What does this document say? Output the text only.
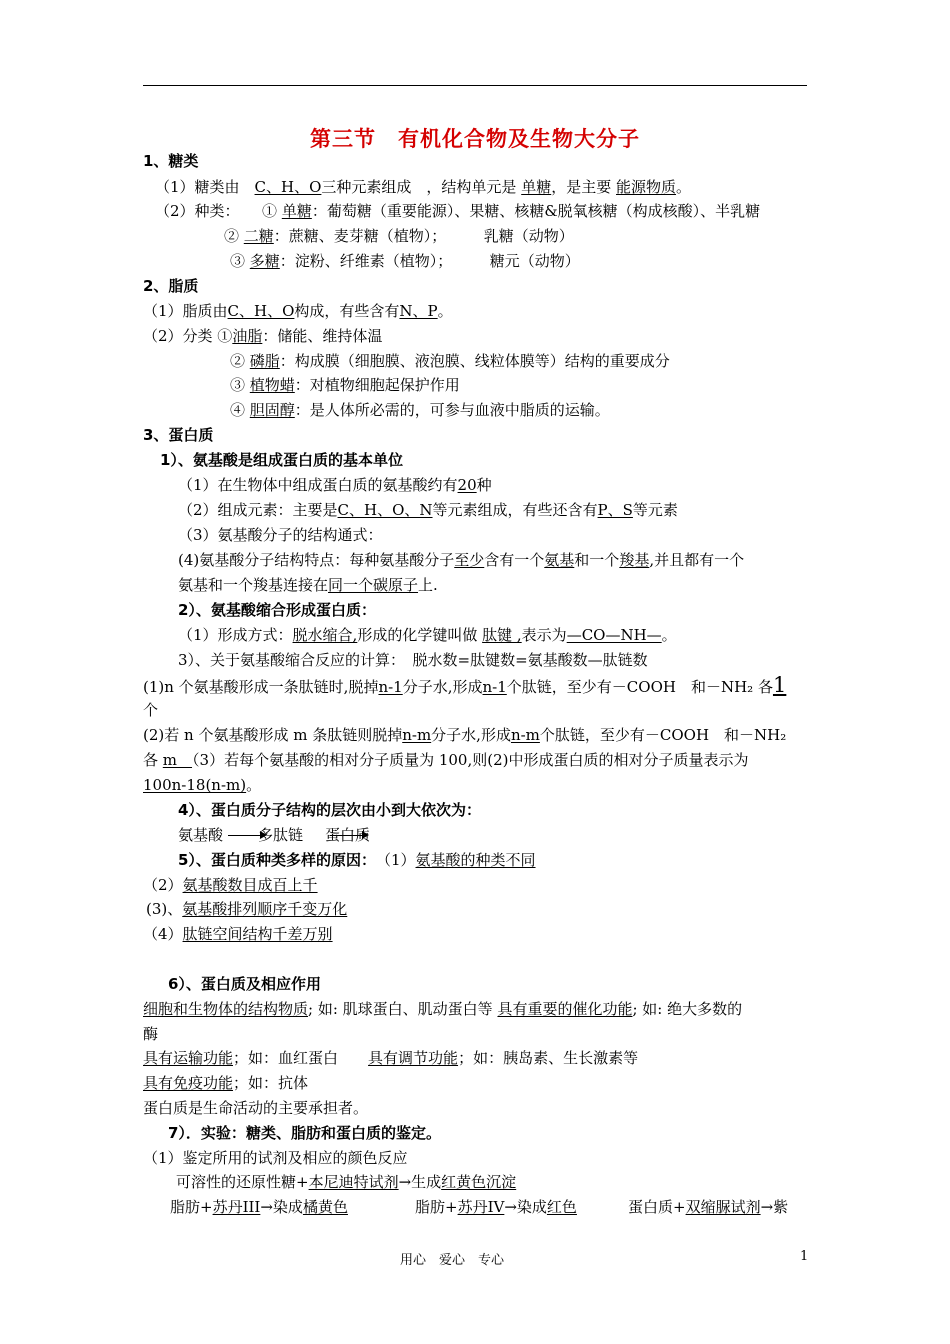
第三节　有机化合物及生物大分子
1、糖类
（1）糖类由　C、H、O三种元素组成　，结构单元是 单糖，是主要 能源物质。
（2）种类：　　① 单糖：葡萄糖（重要能源）、果糖、核糖&脱氧核糖（构成核酸）、半乳糖
② 二糖：蔗糖、麦芽糖（植物）；　　　乳糖（动物）
③ 多糖：淀粉、纤维素（植物）；　　　糖元（动物）
2、脂质
（1）脂质由C、H、O构成，有些含有N、P。
（2）分类 ①油脂：储能、维持体温
② 磷脂：构成膜（细胞膜、液泡膜、线粒体膜等）结构的重要成分
③ 植物蜡：对植物细胞起保护作用
④ 胆固醇：是人体所必需的，可参与血液中脂质的运输。
3、蛋白质
1）、氨基酸是组成蛋白质的基本单位
（1）在生物体中组成蛋白质的氨基酸约有20种
（2）组成元素：主要是C、H、O、N等元素组成，有些还含有P、S等元素
（3）氨基酸分子的结构通式：
(4)氨基酸分子结构特点：每种氨基酸分子至少含有一个氨基和一个羧基,并且都有一个
氨基和一个羧基连接在同一个碳原子上.
2）、氨基酸缩合形成蛋白质：
（1）形成方式：脱水缩合,形成的化学键叫做 肽键 ,表示为—CO—NH—。
3）、关于氨基酸缩合反应的计算：　脱水数=肽键数=氨基酸数—肽链数
(1)n 个氨基酸形成一条肽链时,脱掉n-1分子水,形成n-1个肽链，至少有－COOH　和－NH₂ 各1
个
(2)若 n 个氨基酸形成 m 条肽链则脱掉n-m分子水,形成n-m个肽链，至少有－COOH　和－NH₂
各 m　（3）若每个氨基酸的相对分子质量为 100,则(2)中形成蛋白质的相对分子质量表示为
100n-18(n-m)。
4）、蛋白质分子结构的层次由小到大依次为：
氨基酸 多肽链 蛋白质
5）、蛋白质种类多样的原因：　 （1）氨基酸的种类不同
（2）氨基酸数目成百上千
(3)、氨基酸排列顺序千变万化
（4）肽链空间结构千差万别
6）、蛋白质及相应作用
细胞和生物体的结构物质; 如: 肌球蛋白、肌动蛋白等 具有重要的催化功能; 如: 绝大多数的
酶
具有运输功能；如：血红蛋白　　 具有调节功能；如：胰岛素、生长激素等
具有免疫功能；如：抗体
蛋白质是生命活动的主要承担者。
7）．实验：糖类、脂肪和蛋白质的鉴定。
（1）鉴定所用的试剂及相应的颜色反应
可溶性的还原性糖+本尼迪特试剂→生成红黄色沉淀
脂肪+苏丹III→染成橘黄色	脂肪+苏丹IV→染成红色	蛋白质+双缩脲试剂→紫
用心　爱心　专心	1
